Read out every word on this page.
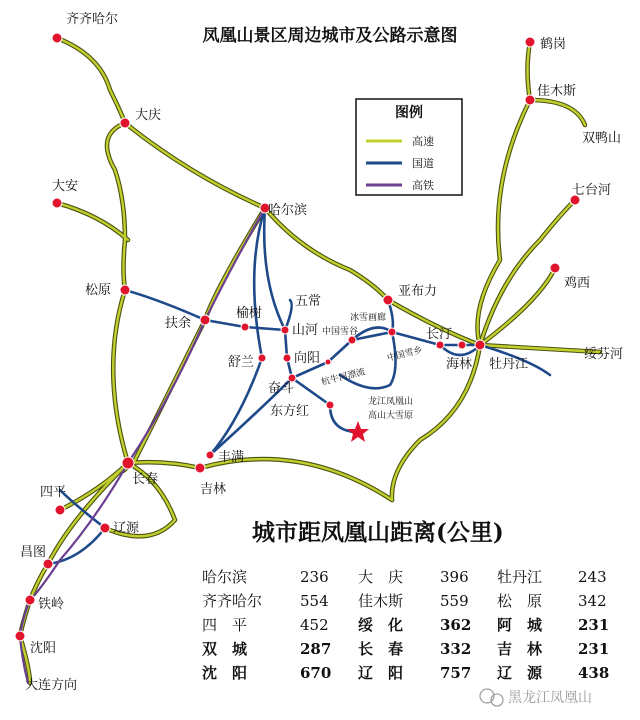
凤凰山景区周边城市及公路示意图
图例
高速
国道
高铁
齐齐哈尔
大庆
大安
松原
哈尔滨
扶余
榆树
五常
山河
舒兰	向阳
奋斗
东方红
丰满
吉林
长春
四平
辽源
昌图
铁岭
沈阳
大连方向
鹤岗
佳木斯
双鸭山
七台河
鸡西
亚布力
长汀
海林 牡丹江
绥芬河
中国雪谷
冰雪画廊
中国雪乡
杭牛河漂流
龙江凤凰山
高山大雪原
城市距凤凰山距离(公里)
哈尔滨	236 大　庆 396 牡丹江 243
齐齐哈尔	554 佳木斯 559 松　原 342
四　平	452 绥　化 362 阿　城 231
双　城	287 长　春 332 吉　林 231
沈　阳	670 辽　阳 757 辽　源 438
黑龙江凤凰山
